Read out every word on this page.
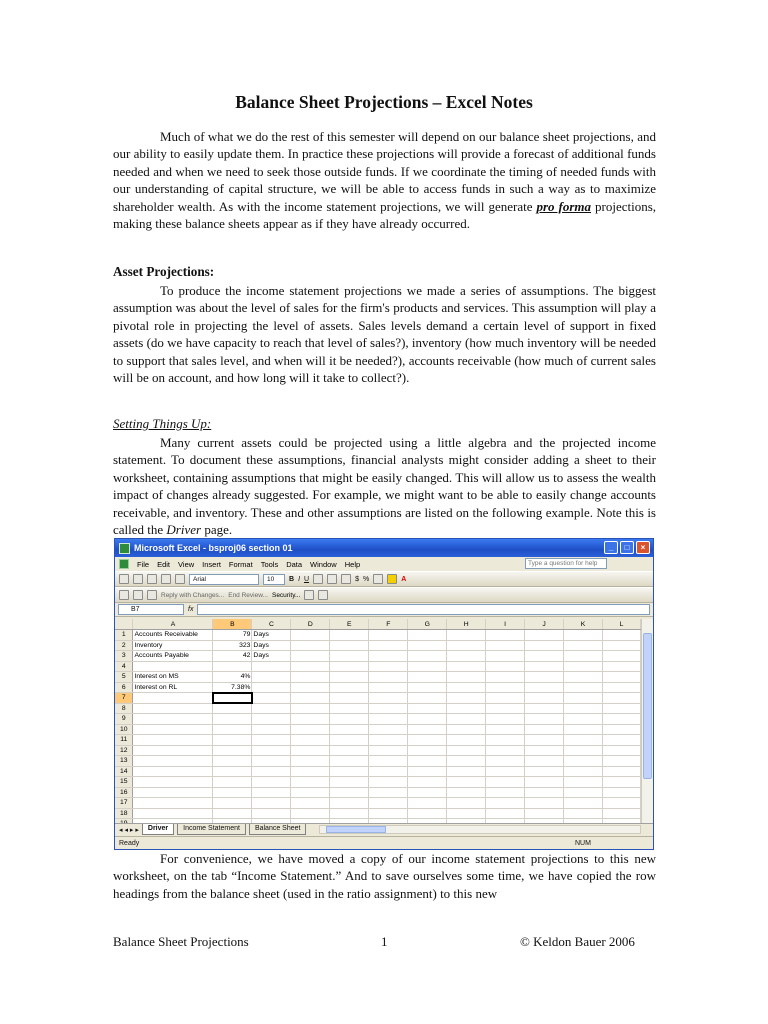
Balance Sheet Projections – Excel Notes

Much of what we do the rest of this semester will depend on our balance sheet projections, and our ability to easily update them. In practice these projections will provide a forecast of additional funds needed and when we need to seek those outside funds. If we coordinate the timing of needed funds with our understanding of capital structure, we will be able to access funds in such a way as to maximize shareholder wealth. As with the income statement projections, we will generate pro forma projections, making these balance sheets appear as if they have already occurred.

Asset Projections:

To produce the income statement projections we made a series of assumptions. The biggest assumption was about the level of sales for the firm's products and services. This assumption will play a pivotal role in projecting the level of assets. Sales levels demand a certain level of support in fixed assets (do we have capacity to reach that level of sales?), inventory (how much inventory will be needed to support that sales level, and when will it be needed?), accounts receivable (how much of current sales will be on account, and how long will it take to collect?).

Setting Things Up:

Many current assets could be projected using a little algebra and the projected income statement. To document these assumptions, financial analysts might consider adding a sheet to their worksheet, containing assumptions that might be easily changed. This will allow us to assess the wealth impact of changes already suggested. For example, we might want to be able to easily change accounts receivable, and inventory. These and other assumptions are listed on the following example. Note this is called the Driver page.

Microsoft Excel - bsproj06 section 01	_	□	×
File Edit View Insert Format Tools Data Window Help	Type a question for help
Arial	10	B I U	$ %	A
Reply with Changes... End Review... Security...
B7	fx
	A	B	C	D	E	F	G	H	I	J	K	L
1	Accounts Receivable	79	Days									
2	Inventory	323	Days									
3	Accounts Payable	42	Days									
4												
5	Interest on MS	4%										
6	Interest on RL	7.38%										
7												
8												
9												
10												
11												
12												
13												
14												
15												
16												
17												
18												

◂ ◂ ▸ ▸	Driver	Income Statement	Balance Sheet
Ready	NUM

For convenience, we have moved a copy of our income statement projections to this new worksheet, on the tab “Income Statement.” And to save ourselves some time, we have copied the row headings from the balance sheet (used in the ratio assignment) to this new

Balance Sheet Projections	1	© Keldon Bauer 2006
